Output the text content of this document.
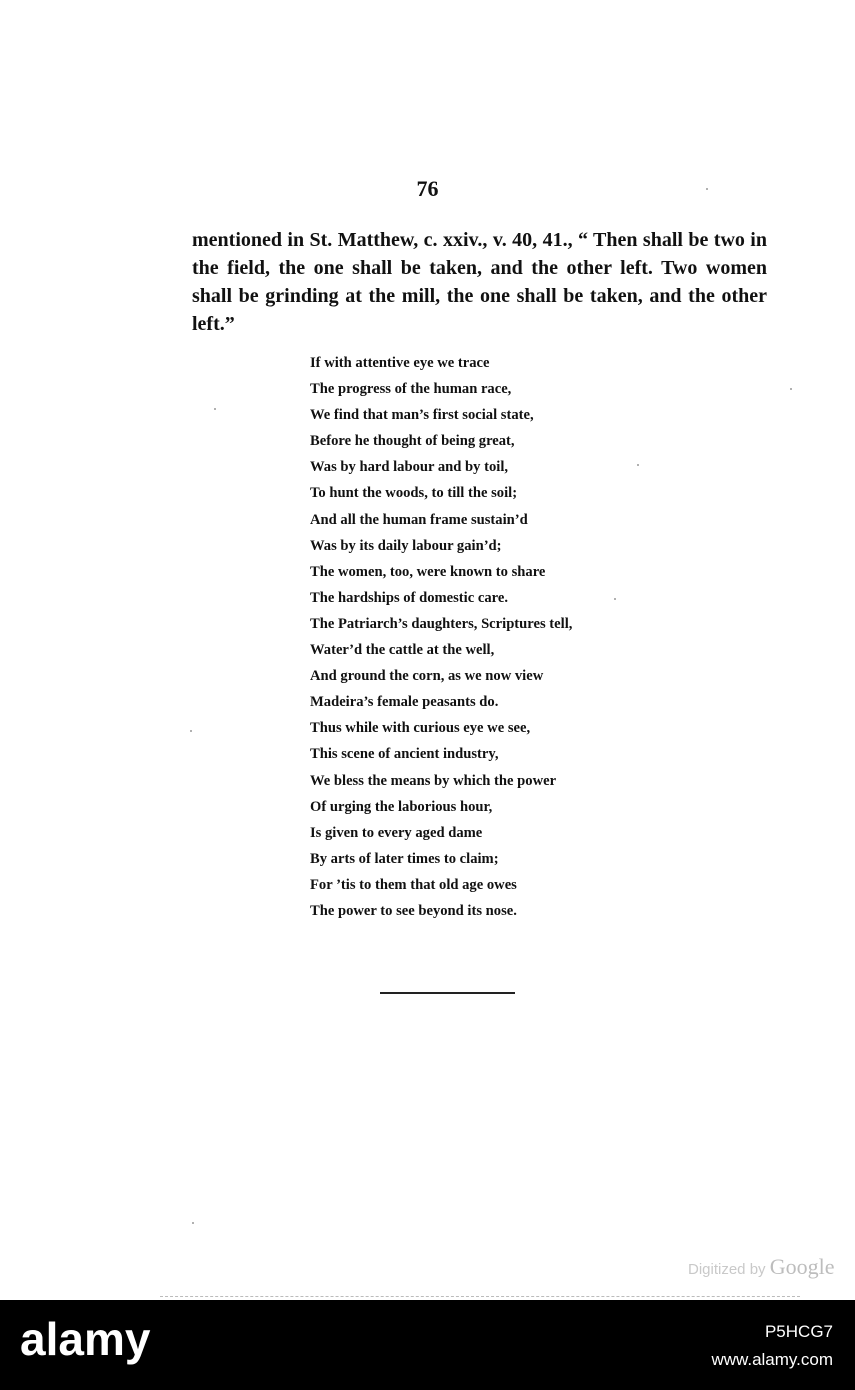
76

mentioned in St. Matthew, c. xxiv., v. 40, 41., “ Then shall be two in the field, the one shall be taken, and the other left. Two women shall be grinding at the mill, the one shall be taken, and the other left.”

If with attentive eye we trace
The progress of the human race,
We find that man’s first social state,
Before he thought of being great,
Was by hard labour and by toil,
To hunt the woods, to till the soil;
And all the human frame sustain’d
Was by its daily labour gain’d;
The women, too, were known to share
The hardships of domestic care.
The Patriarch’s daughters, Scriptures tell,
Water’d the cattle at the well,
And ground the corn, as we now view
Madeira’s female peasants do.
Thus while with curious eye we see,
This scene of ancient industry,
We bless the means by which the power
Of urging the laborious hour,
Is given to every aged dame
By arts of later times to claim;
For ’tis to them that old age owes
The power to see beyond its nose.
Digitized by Google
alamy	P5HCG7
www.alamy.com
